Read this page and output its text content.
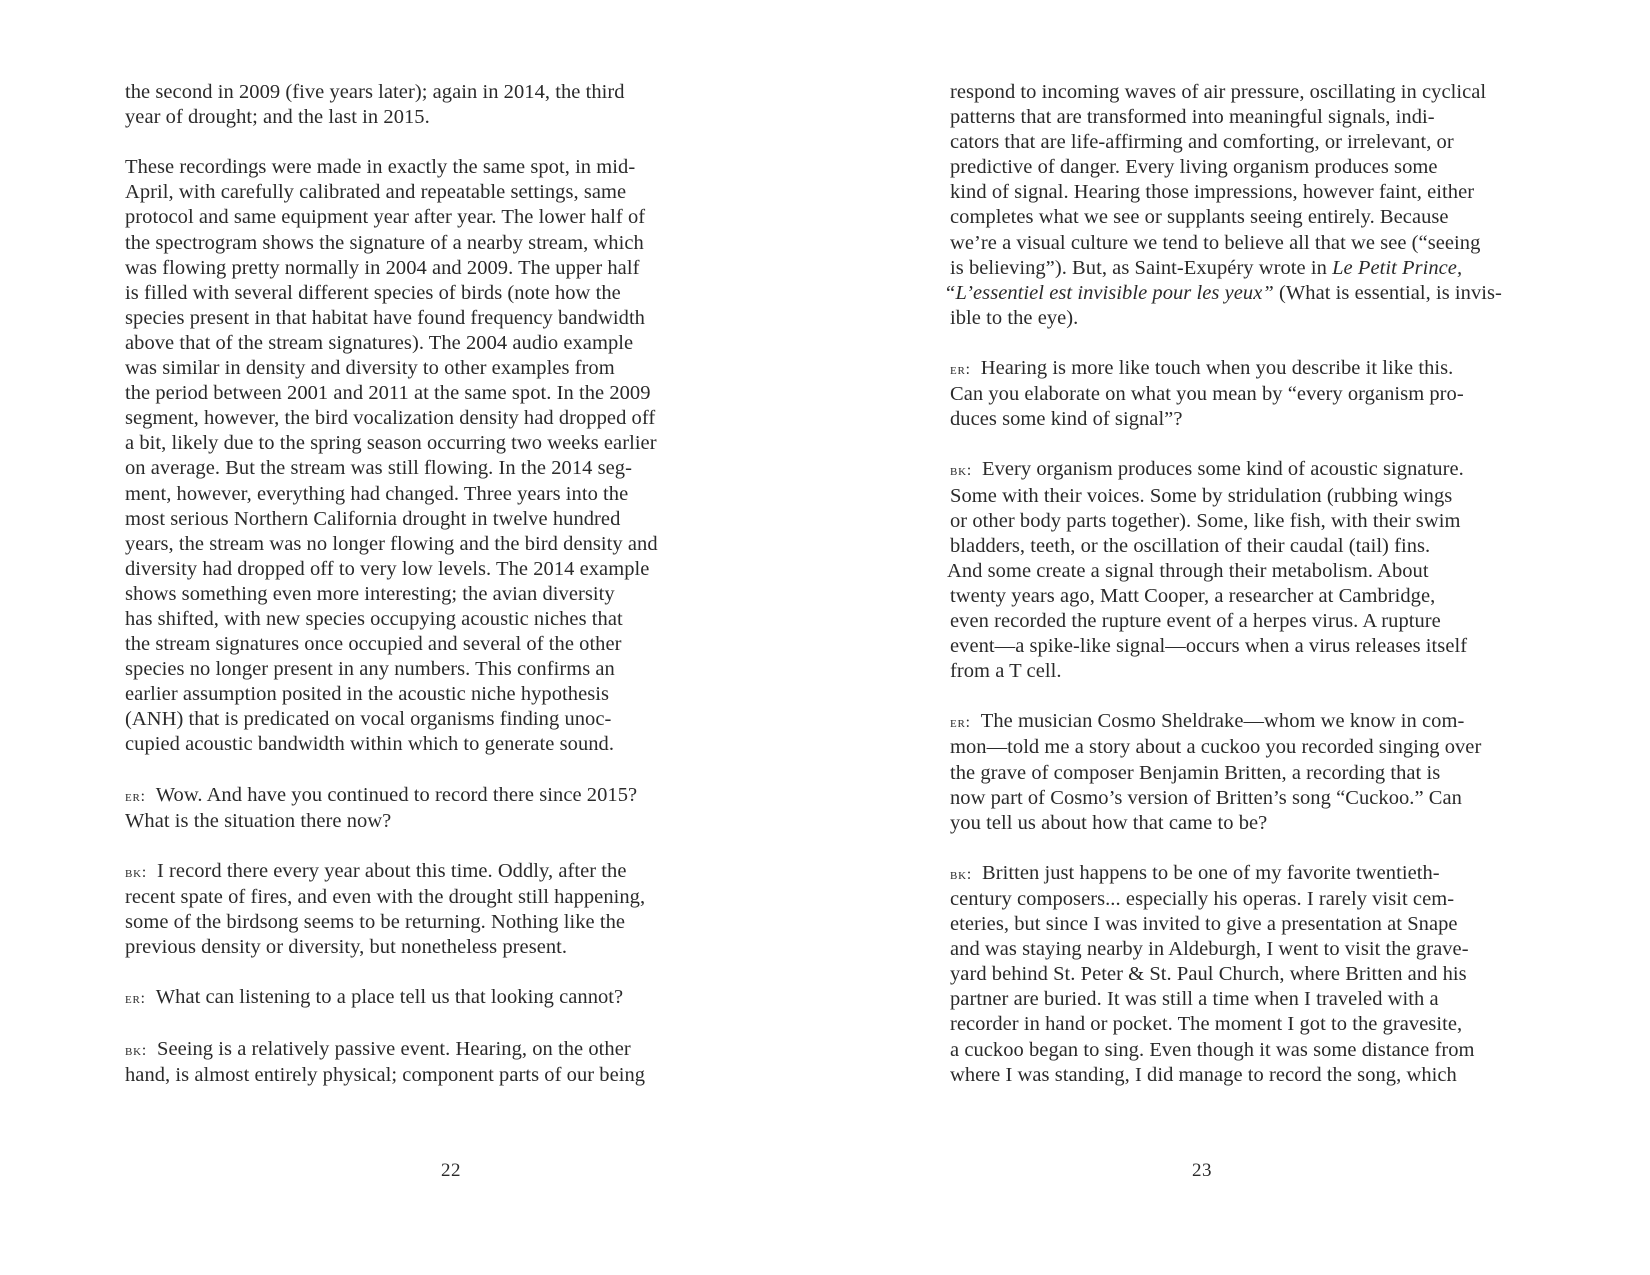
the second in 2009 (five years later); again in 2014, the third
year of drought; and the last in 2015.

These recordings were made in exactly the same spot, in mid-
April, with carefully calibrated and repeatable settings, same
protocol and same equipment year after year. The lower half of
the spectrogram shows the signature of a nearby stream, which
was flowing pretty normally in 2004 and 2009. The upper half
is filled with several different species of birds (note how the
species present in that habitat have found frequency bandwidth
above that of the stream signatures). The 2004 audio example
was similar in density and diversity to other examples from
the period between 2001 and 2011 at the same spot. In the 2009
segment, however, the bird vocalization density had dropped off
a bit, likely due to the spring season occurring two weeks earlier
on average. But the stream was still flowing. In the 2014 seg-
ment, however, everything had changed. Three years into the
most serious Northern California drought in twelve hundred
years, the stream was no longer flowing and the bird density and
diversity had dropped off to very low levels. The 2014 example
shows something even more interesting; the avian diversity
has shifted, with new species occupying acoustic niches that
the stream signatures once occupied and several of the other
species no longer present in any numbers. This confirms an
earlier assumption posited in the acoustic niche hypothesis
(ANH) that is predicated on vocal organisms finding unoc-
cupied acoustic bandwidth within which to generate sound.

er: Wow. And have you continued to record there since 2015?
What is the situation there now?

bk: I record there every year about this time. Oddly, after the
recent spate of fires, and even with the drought still happening,
some of the birdsong seems to be returning. Nothing like the
previous density or diversity, but nonetheless present.

er: What can listening to a place tell us that looking cannot?

bk: Seeing is a relatively passive event. Hearing, on the other
hand, is almost entirely physical; component parts of our being

22

respond to incoming waves of air pressure, oscillating in cyclical
patterns that are transformed into meaningful signals, indi-
cators that are life-affirming and comforting, or irrelevant, or
predictive of danger. Every living organism produces some
kind of signal. Hearing those impressions, however faint, either
completes what we see or supplants seeing entirely. Because
we’re a visual culture we tend to believe all that we see (“seeing
is believing”). But, as Saint-Exupéry wrote in Le Petit Prince,
“L’essentiel est invisible pour les yeux” (What is essential, is invis-
ible to the eye).

er: Hearing is more like touch when you describe it like this.
Can you elaborate on what you mean by “every organism pro-
duces some kind of signal”?

bk: Every organism produces some kind of acoustic signature.
Some with their voices. Some by stridulation (rubbing wings
or other body parts together). Some, like fish, with their swim
bladders, teeth, or the oscillation of their caudal (tail) fins.
And some create a signal through their metabolism. About
twenty years ago, Matt Cooper, a researcher at Cambridge,
even recorded the rupture event of a herpes virus. A rupture
event—a spike-like signal—occurs when a virus releases itself
from a T cell.

er: The musician Cosmo Sheldrake—whom we know in com-
mon—told me a story about a cuckoo you recorded singing over
the grave of composer Benjamin Britten, a recording that is
now part of Cosmo’s version of Britten’s song “Cuckoo.” Can
you tell us about how that came to be?

bk: Britten just happens to be one of my favorite twentieth-
century composers... especially his operas. I rarely visit cem-
eteries, but since I was invited to give a presentation at Snape
and was staying nearby in Aldeburgh, I went to visit the grave-
yard behind St. Peter & St. Paul Church, where Britten and his
partner are buried. It was still a time when I traveled with a
recorder in hand or pocket. The moment I got to the gravesite,
a cuckoo began to sing. Even though it was some distance from
where I was standing, I did manage to record the song, which

23
